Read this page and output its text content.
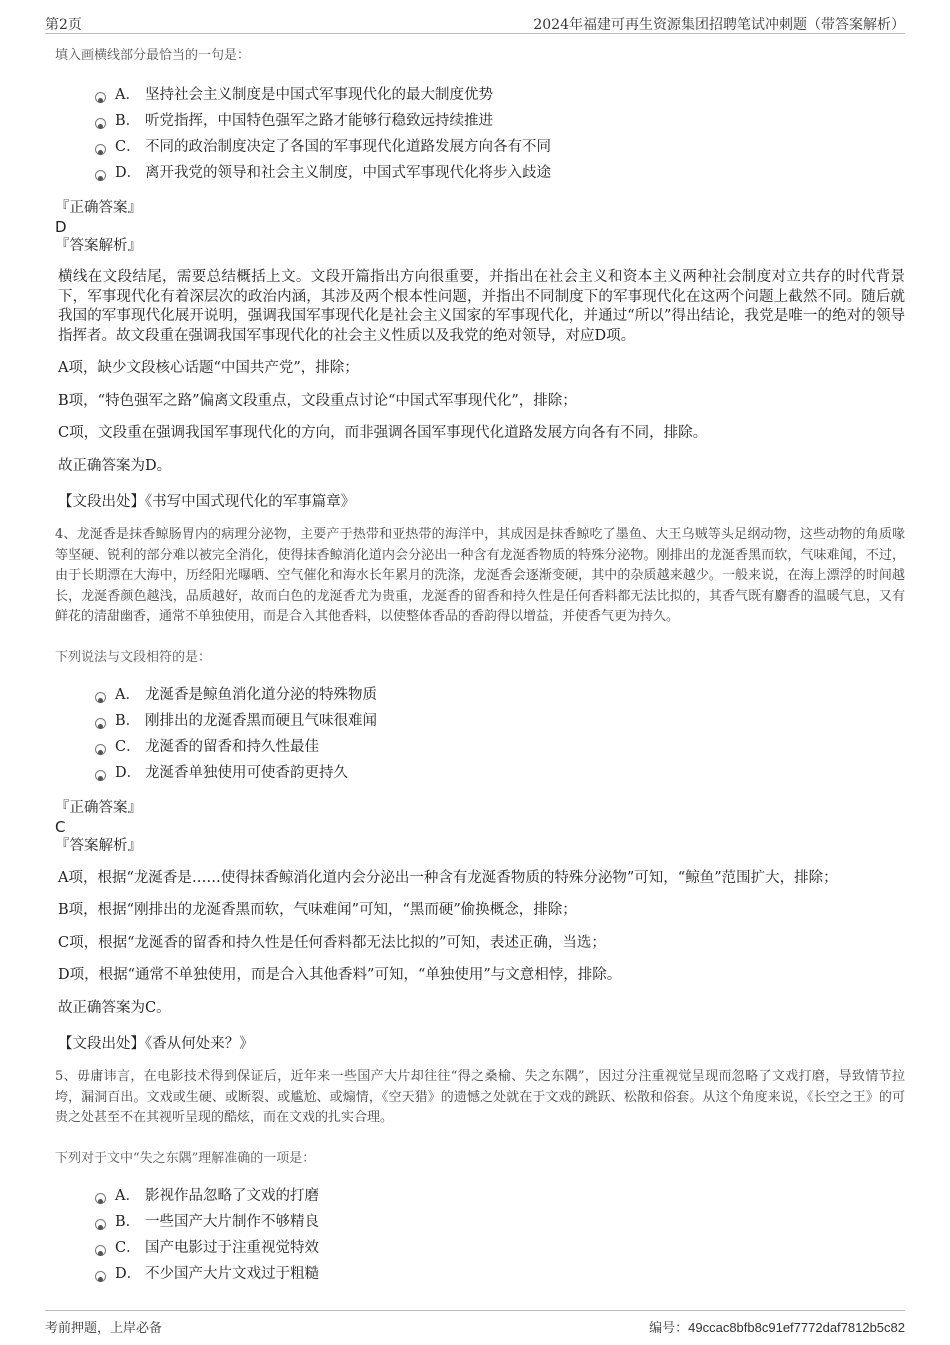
第2页	2024年福建可再生资源集团招聘笔试冲刺题（带答案解析）
填入画横线部分最恰当的一句是：
A． 坚持社会主义制度是中国式军事现代化的最大制度优势
B． 听党指挥，中国特色强军之路才能够行稳致远持续推进
C． 不同的政治制度决定了各国的军事现代化道路发展方向各有不同
D． 离开我党的领导和社会主义制度，中国式军事现代化将步入歧途
『正确答案』
D
『答案解析』
横线在文段结尾，需要总结概括上文。文段开篇指出方向很重要，并指出在社会主义和资本主义两种社会制度对立共存的时代背景下，军事现代化有着深层次的政治内涵，其涉及两个根本性问题，并指出不同制度下的军事现代化在这两个问题上截然不同。随后就我国的军事现代化展开说明，强调我国军事现代化是社会主义国家的军事现代化，并通过“所以”得出结论，我党是唯一的绝对的领导指挥者。故文段重在强调我国军事现代化的社会主义性质以及我党的绝对领导，对应D项。
A项，缺少文段核心话题“中国共产党”，排除；
B项，“特色强军之路”偏离文段重点，文段重点讨论“中国式军事现代化”，排除；
C项，文段重在强调我国军事现代化的方向，而非强调各国军事现代化道路发展方向各有不同，排除。
故正确答案为D。
【文段出处】《书写中国式现代化的军事篇章》
4、龙涎香是抹香鲸肠胃内的病理分泌物，主要产于热带和亚热带的海洋中，其成因是抹香鲸吃了墨鱼、大王乌贼等头足纲动物，这些动物的角质喙等坚硬、锐利的部分难以被完全消化，使得抹香鲸消化道内会分泌出一种含有龙涎香物质的特殊分泌物。刚排出的龙涎香黑而软，气味难闻，不过，由于长期漂在大海中，历经阳光曝晒、空气催化和海水长年累月的洗涤，龙涎香会逐渐变硬，其中的杂质越来越少。一般来说，在海上漂浮的时间越长，龙涎香颜色越浅，品质越好，故而白色的龙涎香尤为贵重，龙涎香的留香和持久性是任何香料都无法比拟的，其香气既有麝香的温暖气息，又有鲜花的清甜幽香，通常不单独使用，而是合入其他香料，以使整体香品的香韵得以增益，并使香气更为持久。
下列说法与文段相符的是：
A． 龙涎香是鲸鱼消化道分泌的特殊物质
B． 刚排出的龙涎香黑而硬且气味很难闻
C． 龙涎香的留香和持久性最佳
D． 龙涎香单独使用可使香韵更持久
『正确答案』
C
『答案解析』
A项，根据“龙涎香是……使得抹香鲸消化道内会分泌出一种含有龙涎香物质的特殊分泌物”可知，“鲸鱼”范围扩大，排除；
B项，根据“刚排出的龙涎香黑而软，气味难闻”可知，“黑而硬”偷换概念，排除；
C项，根据“龙涎香的留香和持久性是任何香料都无法比拟的”可知，表述正确，当选；
D项，根据“通常不单独使用，而是合入其他香料”可知，“单独使用”与文意相悖，排除。
故正确答案为C。
【文段出处】《香从何处来？》
5、毋庸讳言，在电影技术得到保证后，近年来一些国产大片却往往“得之桑榆、失之东隅”，因过分注重视觉呈现而忽略了文戏打磨，导致情节拉垮，漏洞百出。文戏或生硬、或断裂、或尴尬、或煽情，《空天猎》的遗憾之处就在于文戏的跳跃、松散和俗套。从这个角度来说，《长空之王》的可贵之处甚至不在其视听呈现的酷炫，而在文戏的扎实合理。
下列对于文中“失之东隅”理解准确的一项是：
A． 影视作品忽略了文戏的打磨
B． 一些国产大片制作不够精良
C． 国产电影过于注重视觉特效
D． 不少国产大片文戏过于粗糙
考前押题，上岸必备	编号：49ccac8bfb8c91ef7772daf7812b5c82
